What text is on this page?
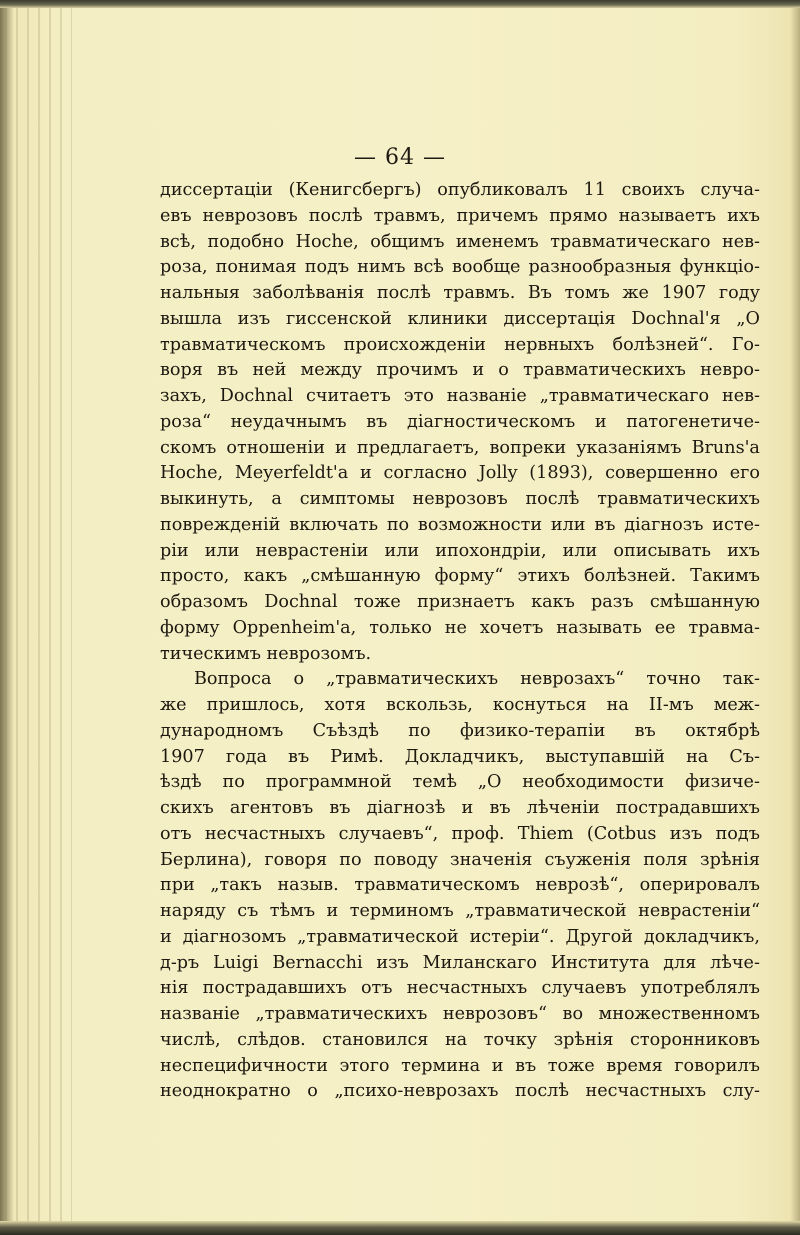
— 64 —
диссертаціи (Кенигсбергъ) опубликовалъ 11 своихъ случа-
евъ неврозовъ послѣ травмъ, причемъ прямо называетъ ихъ
всѣ, подобно Hoche, общимъ именемъ травматическаго нев-
роза, понимая подъ нимъ всѣ вообще разнообразныя функціо-
нальныя заболѣванія послѣ травмъ. Въ томъ же 1907 году
вышла изъ гиссенской клиники диссертація Dochnal'я „О
травматическомъ происхожденіи нервныхъ болѣзней“. Го-
воря въ ней между прочимъ и о травматическихъ невро-
захъ, Dochnal считаетъ это названіе „травматическаго нев-
роза“ неудачнымъ въ діагностическомъ и патогенетиче-
скомъ отношеніи и предлагаетъ, вопреки указаніямъ Bruns'a
Hoche, Meyerfeldt'a и согласно Jolly (1893), совершенно его
выкинуть, а симптомы неврозовъ послѣ травматическихъ
поврежденій включать по возможности или въ діагнозъ исте-
ріи или неврастеніи или ипохондріи, или описывать ихъ
просто, какъ „смѣшанную форму“ этихъ болѣзней. Такимъ
образомъ Dochnal тоже признаетъ какъ разъ смѣшанную
форму Oppenheim'a, только не хочетъ называть ее травма-
тическимъ неврозомъ.
Вопроса о „травматическихъ неврозахъ“ точно так-
же пришлось, хотя вскользь, коснуться на II-мъ меж-
дународномъ Съѣздѣ по физико-терапіи въ октябрѣ
1907 года въ Римѣ. Докладчикъ, выступавшій на Съ-
ѣздѣ по программной темѣ „О необходимости физиче-
скихъ агентовъ въ діагнозѣ и въ лѣченіи пострадавшихъ
отъ несчастныхъ случаевъ“, проф. Thiem (Cotbus изъ подъ
Берлина), говоря по поводу значенія съуженія поля зрѣнія
при „такъ назыв. травматическомъ неврозѣ“, оперировалъ
наряду съ тѣмъ и терминомъ „травматической неврастеніи“
и діагнозомъ „травматической истеріи“. Другой докладчикъ,
д-ръ Luigi Bernacchi изъ Миланскаго Института для лѣче-
нія пострадавшихъ отъ несчастныхъ случаевъ употреблялъ
названіе „травматическихъ неврозовъ“ во множественномъ
числѣ, слѣдов. становился на точку зрѣнія сторонниковъ
неспецифичности этого термина и въ тоже время говорилъ
неоднократно о „психо-неврозахъ послѣ несчастныхъ слу-
